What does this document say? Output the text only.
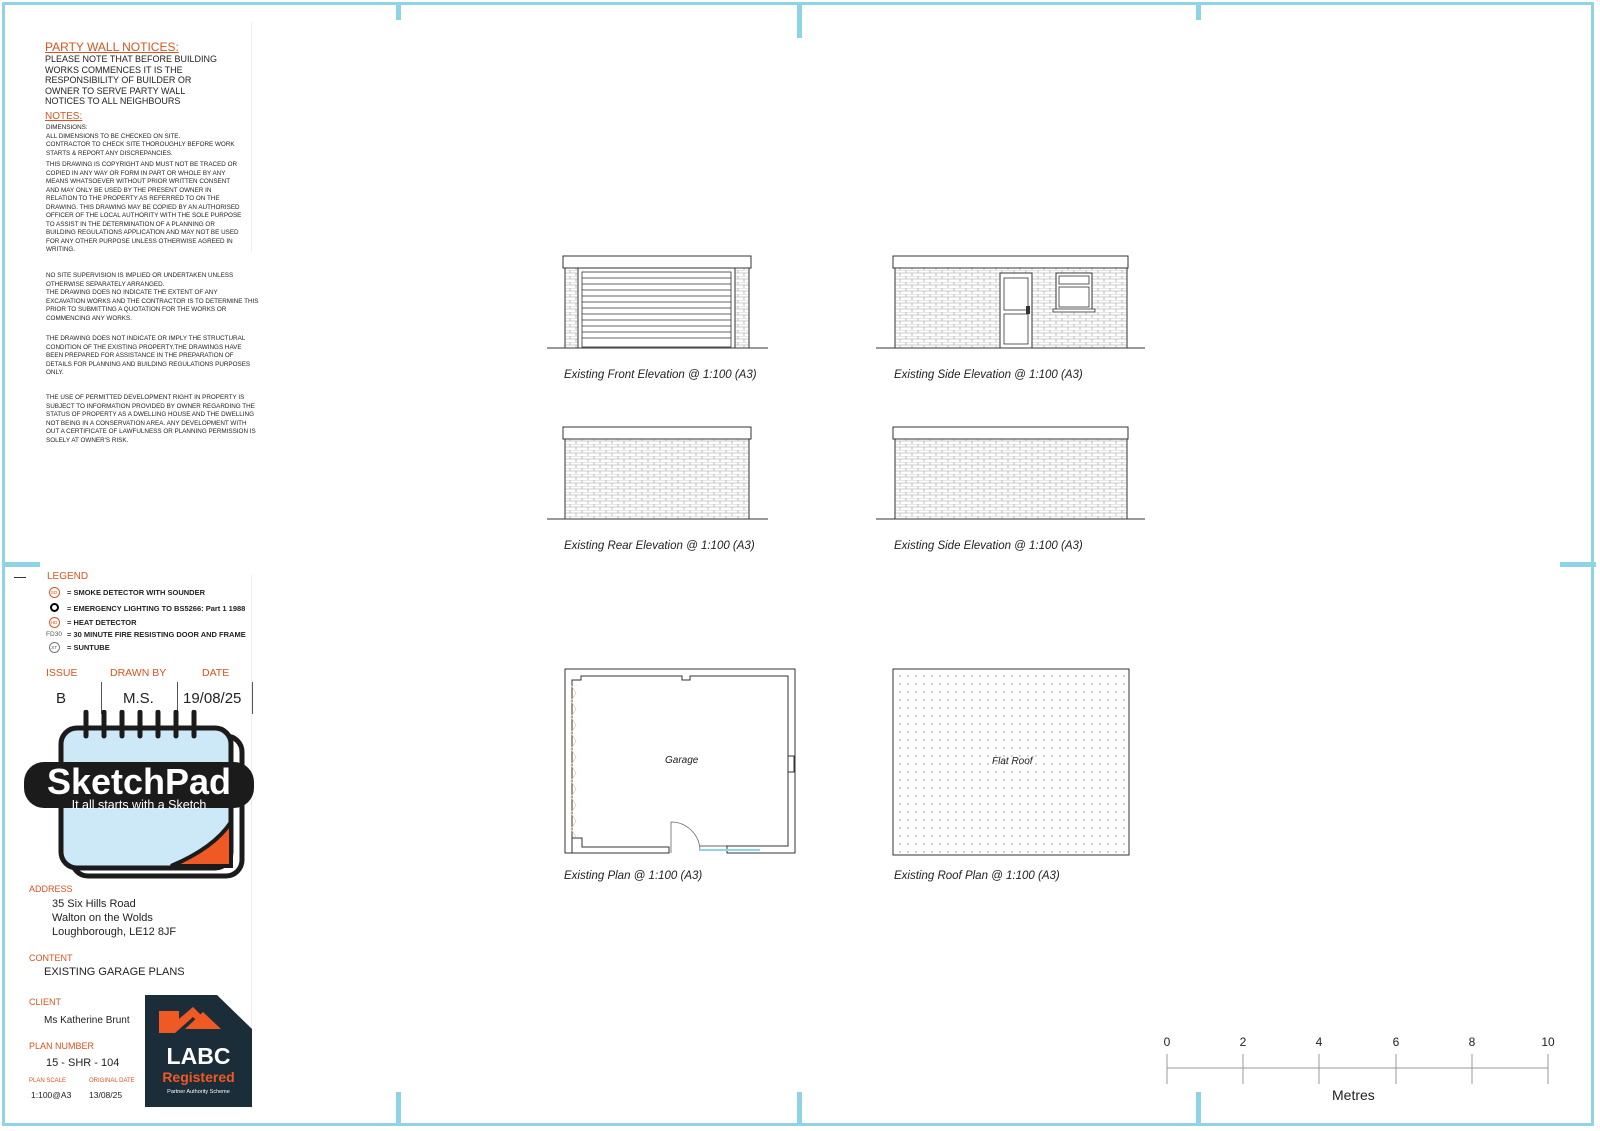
PARTY WALL NOTICES:
PLEASE NOTE THAT BEFORE BUILDING
WORKS COMMENCES IT IS THE
RESPONSIBILITY OF BUILDER OR
OWNER TO SERVE PARTY WALL
NOTICES TO ALL NEIGHBOURS
NOTES:
DIMENSIONS:
ALL DIMENSIONS TO BE CHECKED ON SITE.
CONTRACTOR TO CHECK SITE THOROUGHLY BEFORE WORK
STARTS & REPORT ANY DISCREPANCIES.
THIS DRAWING IS COPYRIGHT AND MUST NOT BE TRACED OR
COPIED IN ANY WAY OR FORM IN PART OR WHOLE BY ANY
MEANS WHATSOEVER WITHOUT PRIOR WRITTEN CONSENT
AND MAY ONLY BE USED BY THE PRESENT OWNER IN
RELATION TO THE PROPERTY AS REFERRED TO ON THE
DRAWING. THIS DRAWING MAY BE COPIED BY AN AUTHORISED
OFFICER OF THE LOCAL AUTHORITY WITH THE SOLE PURPOSE
TO ASSIST IN THE DETERMINATION OF A PLANNING OR
BUILDING REGULATIONS APPLICATION AND MAY NOT BE USED
FOR ANY OTHER PURPOSE UNLESS OTHERWISE AGREED IN
WRITING.
NO SITE SUPERVISION IS IMPLIED OR UNDERTAKEN UNLESS
OTHERWISE SEPARATELY ARRANGED.
THE DRAWING DOES NO INDICATE THE EXTENT OF ANY
EXCAVATION WORKS AND THE CONTRACTOR IS TO DETERMINE THIS
PRIOR TO SUBMITTING A QUOTATION FOR THE WORKS OR
COMMENCING ANY WORKS.
THE DRAWING DOES NOT INDICATE OR IMPLY THE STRUCTURAL
CONDITION OF THE EXISTING PROPERTY.THE DRAWINGS HAVE
BEEN PREPARED FOR ASSISTANCE IN THE PREPARATION OF
DETAILS FOR PLANNING AND BUILDING REGULATIONS PURPOSES
ONLY.
THE USE OF PERMITTED DEVELOPMENT RIGHT IN PROPERTY IS
SUBJECT TO INFORMATION PROVIDED BY OWNER REGARDING THE
STATUS OF PROPERTY AS A DWELLING HOUSE AND THE DWELLING
NOT BEING IN A CONSERVATION AREA. ANY DEVELOPMENT WITH
OUT A CERTIFICATE OF LAWFULNESS OR PLANNING PERMISSION IS
SOLELY AT OWNER'S RISK.
LEGEND
SD	= SMOKE DETECTOR WITH SOUNDER
= EMERGENCY LIGHTING TO BS5266: Part 1 1988
HD	= HEAT DETECTOR
FD30 = 30 MINUTE FIRE RESISTING DOOR AND FRAME
ST	= SUNTUBE
ISSUE	DRAWN BY	DATE
B	M.S. 19/08/25
SketchPad
It all starts with a Sketch
ADDRESS
35 Six Hills Road
Walton on the Wolds
Loughborough, LE12 8JF
CONTENT
EXISTING GARAGE PLANS
CLIENT
Ms Katherine Brunt
PLAN NUMBER
15 - SHR - 104
PLAN SCALE	ORIGINAL DATE
1:100@A3 13/08/25
LABC
Registered
Partner Authority Scheme
Garage	Flat Roof
Existing Front Elevation @ 1:100 (A3)	Existing Side Elevation @ 1:100 (A3)
Existing Rear Elevation @ 1:100 (A3)	Existing Side Elevation @ 1:100 (A3)
Existing Plan @ 1:100 (A3)	Existing Roof Plan @ 1:100 (A3)
0	2	4	6	8	10
Metres
